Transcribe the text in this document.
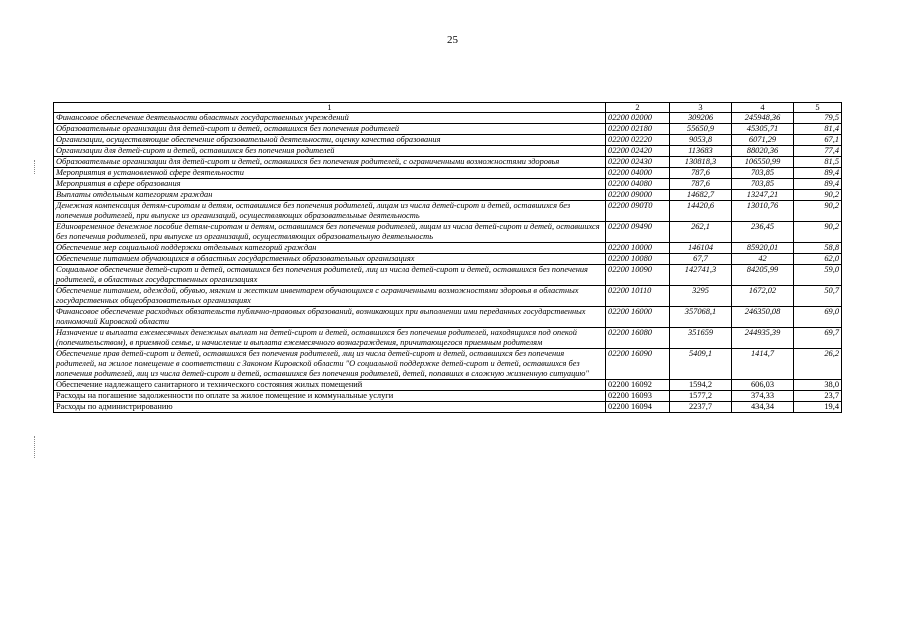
25
1	2	3	4	5
Финансовое обеспечение деятельности областных государственных учреждений	02200 02000	309206	245948,36	79,5
Образовательные организации для детей-сирот и детей, оставшихся без попечения родителей	02200 02180	55650,9	45305,71	81,4
Организации, осуществляющие обеспечение образовательной деятельности, оценку качества образования	02200 02220	9053,8	6071,29	67,1
Организации для детей-сирот и детей, оставшихся без попечения родителей	02200 02420	113683	88020,36	77,4
Образовательные организации для детей-сирот и детей, оставшихся без попечения родителей, с ограниченными возможностями здоровья	02200 02430	130818,3	106550,99	81,5
Мероприятия в установленной сфере деятельности	02200 04000	787,6	703,85	89,4
Мероприятия в сфере образования	02200 04080	787,6	703,85	89,4
Выплаты отдельным категориям граждан	02200 09000	14682,7	13247,21	90,2
Денежная компенсация детям-сиротам и детям, оставшимся без попечения родителей, лицам из числа детей-сирот и детей, оставшихся без попечения родителей, при выпуске из организаций, осуществляющих образовательные деятельность	02200 090Т0	14420,6	13010,76	90,2
Единовременное денежное пособие детям-сиротам и детям, оставшимся без попечения родителей, лицам из числа детей-сирот и детей, оставшихся без попечения родителей, при выпуске из организаций, осуществляющих образовательную деятельность	02200 09490	262,1	236,45	90,2
Обеспечение мер социальной поддержки отдельных категорий граждан	02200 10000	146104	85920,01	58,8
Обеспечение питанием обучающихся в областных государственных образовательных организациях	02200 10080	67,7	42	62,0
Социальное обеспечение детей-сирот и детей, оставшихся без попечения родителей, лиц из числа детей-сирот и детей, оставшихся без попечения родителей, в областных государственных организациях	02200 10090	142741,3	84205,99	59,0
Обеспечение питанием, одеждой, обувью, мягким и жестким инвентарем обучающихся с ограниченными возможностями здоровья в областных государственных общеобразовательных организациях	02200 10110	3295	1672,02	50,7
Финансовое обеспечение расходных обязательств публично-правовых образований, возникающих при выполнении ими переданных государственных полномочий Кировской области	02200 16000	357068,1	246350,08	69,0
Назначение и выплата ежемесячных денежных выплат на детей-сирот и детей, оставшихся без попечения родителей, находящихся под опекой (попечительством), в приемной семье, и начисление и выплата ежемесячного вознаграждения, причитающегося приемным родителям	02200 16080	351659	244935,39	69,7
Обеспечение прав детей-сирот и детей, оставшихся без попечения родителей, лиц из числа детей-сирот и детей, оставшихся без попечения родителей, на жилое помещение в соответствии с Законом Кировской области "О социальной поддержке детей-сирот и детей, оставшихся без попечения родителей, лиц из числа детей-сирот и детей, оставшихся без попечения родителей, детей, попавших в сложную жизненную ситуацию"	02200 16090	5409,1	1414,7	26,2
Обеспечение надлежащего санитарного и технического состояния жилых помещений	02200 16092	1594,2	606,03	38,0
Расходы на погашение задолженности по оплате за жилое помещение и коммунальные услуги	02200 16093	1577,2	374,33	23,7
Расходы по администрированию	02200 16094	2237,7	434,34	19,4
